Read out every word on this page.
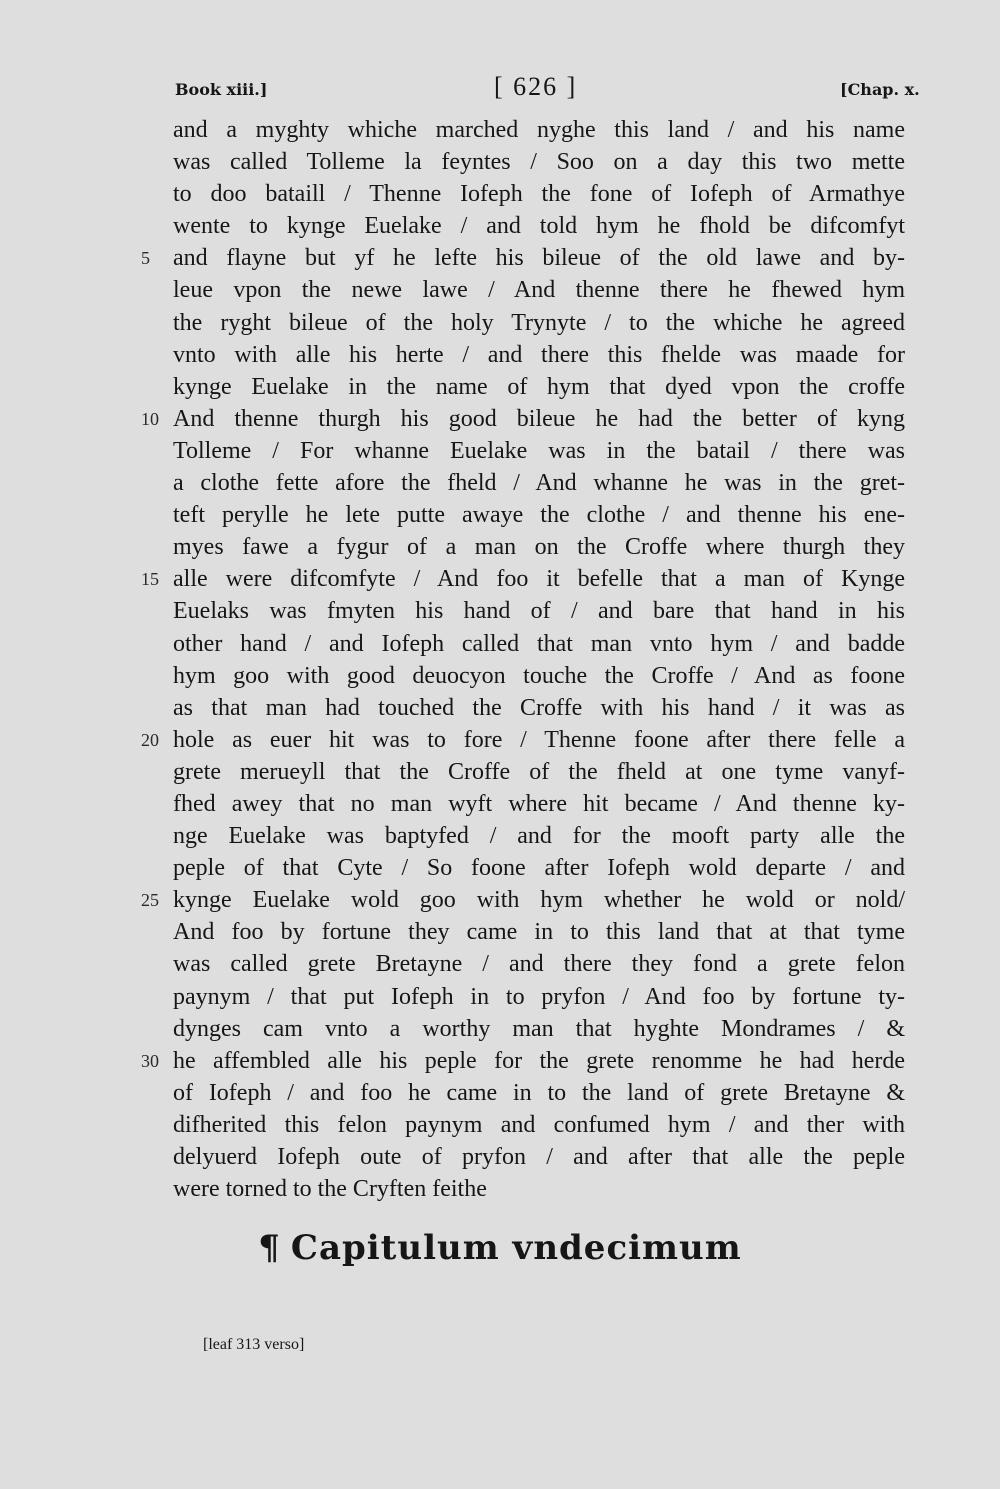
Book xiii.]	[ 626 ]	[Chap. x.
and a myghty whiche marched nyghe this land / and his name
was called Tolleme la feyntes / Soo on a day this two mette
to doo bataill / Thenne Iofeph the fone of Iofeph of Armathye
wente to kynge Euelake / and told hym he fhold be difcomfyt
5 and flayne but yf he lefte his bileue of the old lawe and by-
leue vpon the newe lawe / And thenne there he fhewed hym
the ryght bileue of the holy Trynyte / to the whiche he agreed
vnto with alle his herte / and there this fhelde was maade for
kynge Euelake in the name of hym that dyed vpon the croffe
10 And thenne thurgh his good bileue he had the better of kyng
Tolleme / For whanne Euelake was in the batail / there was
a clothe fette afore the fheld / And whanne he was in the gret-
teft perylle he lete putte awaye the clothe / and thenne his ene-
myes fawe a fygur of a man on the Croffe where thurgh they
15 alle were difcomfyte / And foo it befelle that a man of Kynge
Euelaks was fmyten his hand of / and bare that hand in his
other hand / and Iofeph called that man vnto hym / and badde
hym goo with good deuocyon touche the Croffe / And as foone
as that man had touched the Croffe with his hand / it was as
20 hole as euer hit was to fore / Thenne foone after there felle a
grete merueyll that the Croffe of the fheld at one tyme vanyf-
fhed awey that no man wyft where hit became / And thenne ky-
nge Euelake was baptyfed / and for the mooft party alle the
peple of that Cyte / So foone after Iofeph wold departe / and
25 kynge Euelake wold goo with hym whether he wold or nold/
And foo by fortune they came in to this land that at that tyme
was called grete Bretayne / and there they fond a grete felon
paynym / that put Iofeph in to pryfon / And foo by fortune ty-
dynges cam vnto a worthy man that hyghte Mondrames / &
30 he affembled alle his peple for the grete renomme he had herde
of Iofeph / and foo he came in to the land of grete Bretayne &
difherited this felon paynym and confumed hym / and ther with
delyuerd Iofeph oute of pryfon / and after that alle the peple
were torned to the Cryften feithe
¶ Capitulum vndecimum
[leaf 313 verso]
